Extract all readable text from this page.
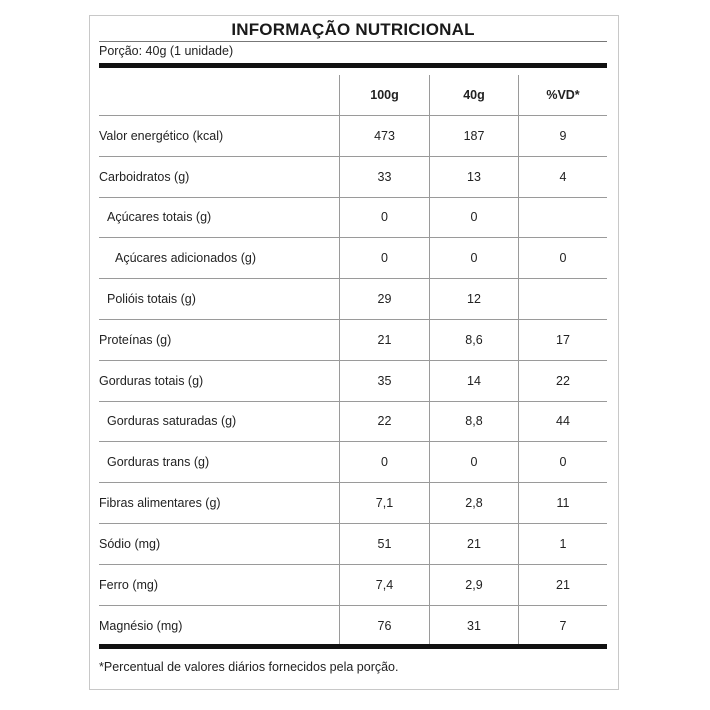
INFORMAÇÃO NUTRICIONAL
Porção: 40g (1 unidade)
100g	40g	%VD*
Valor energético (kcal)	473	187	9
Carboidratos (g)	33	13	4
Açúcares totais (g)	0	0
Açúcares adicionados (g)	0	0	0
Polióis totais (g)	29	12
Proteínas (g)	21	8,6	17
Gorduras totais (g)	35	14	22
Gorduras saturadas (g)	22	8,8	44
Gorduras trans (g)	0	0	0
Fibras alimentares (g)	7,1	2,8	11
Sódio (mg)	51	21	1
Ferro (mg)	7,4	2,9	21
Magnésio (mg)	76	31	7
*Percentual de valores diários fornecidos pela porção.
